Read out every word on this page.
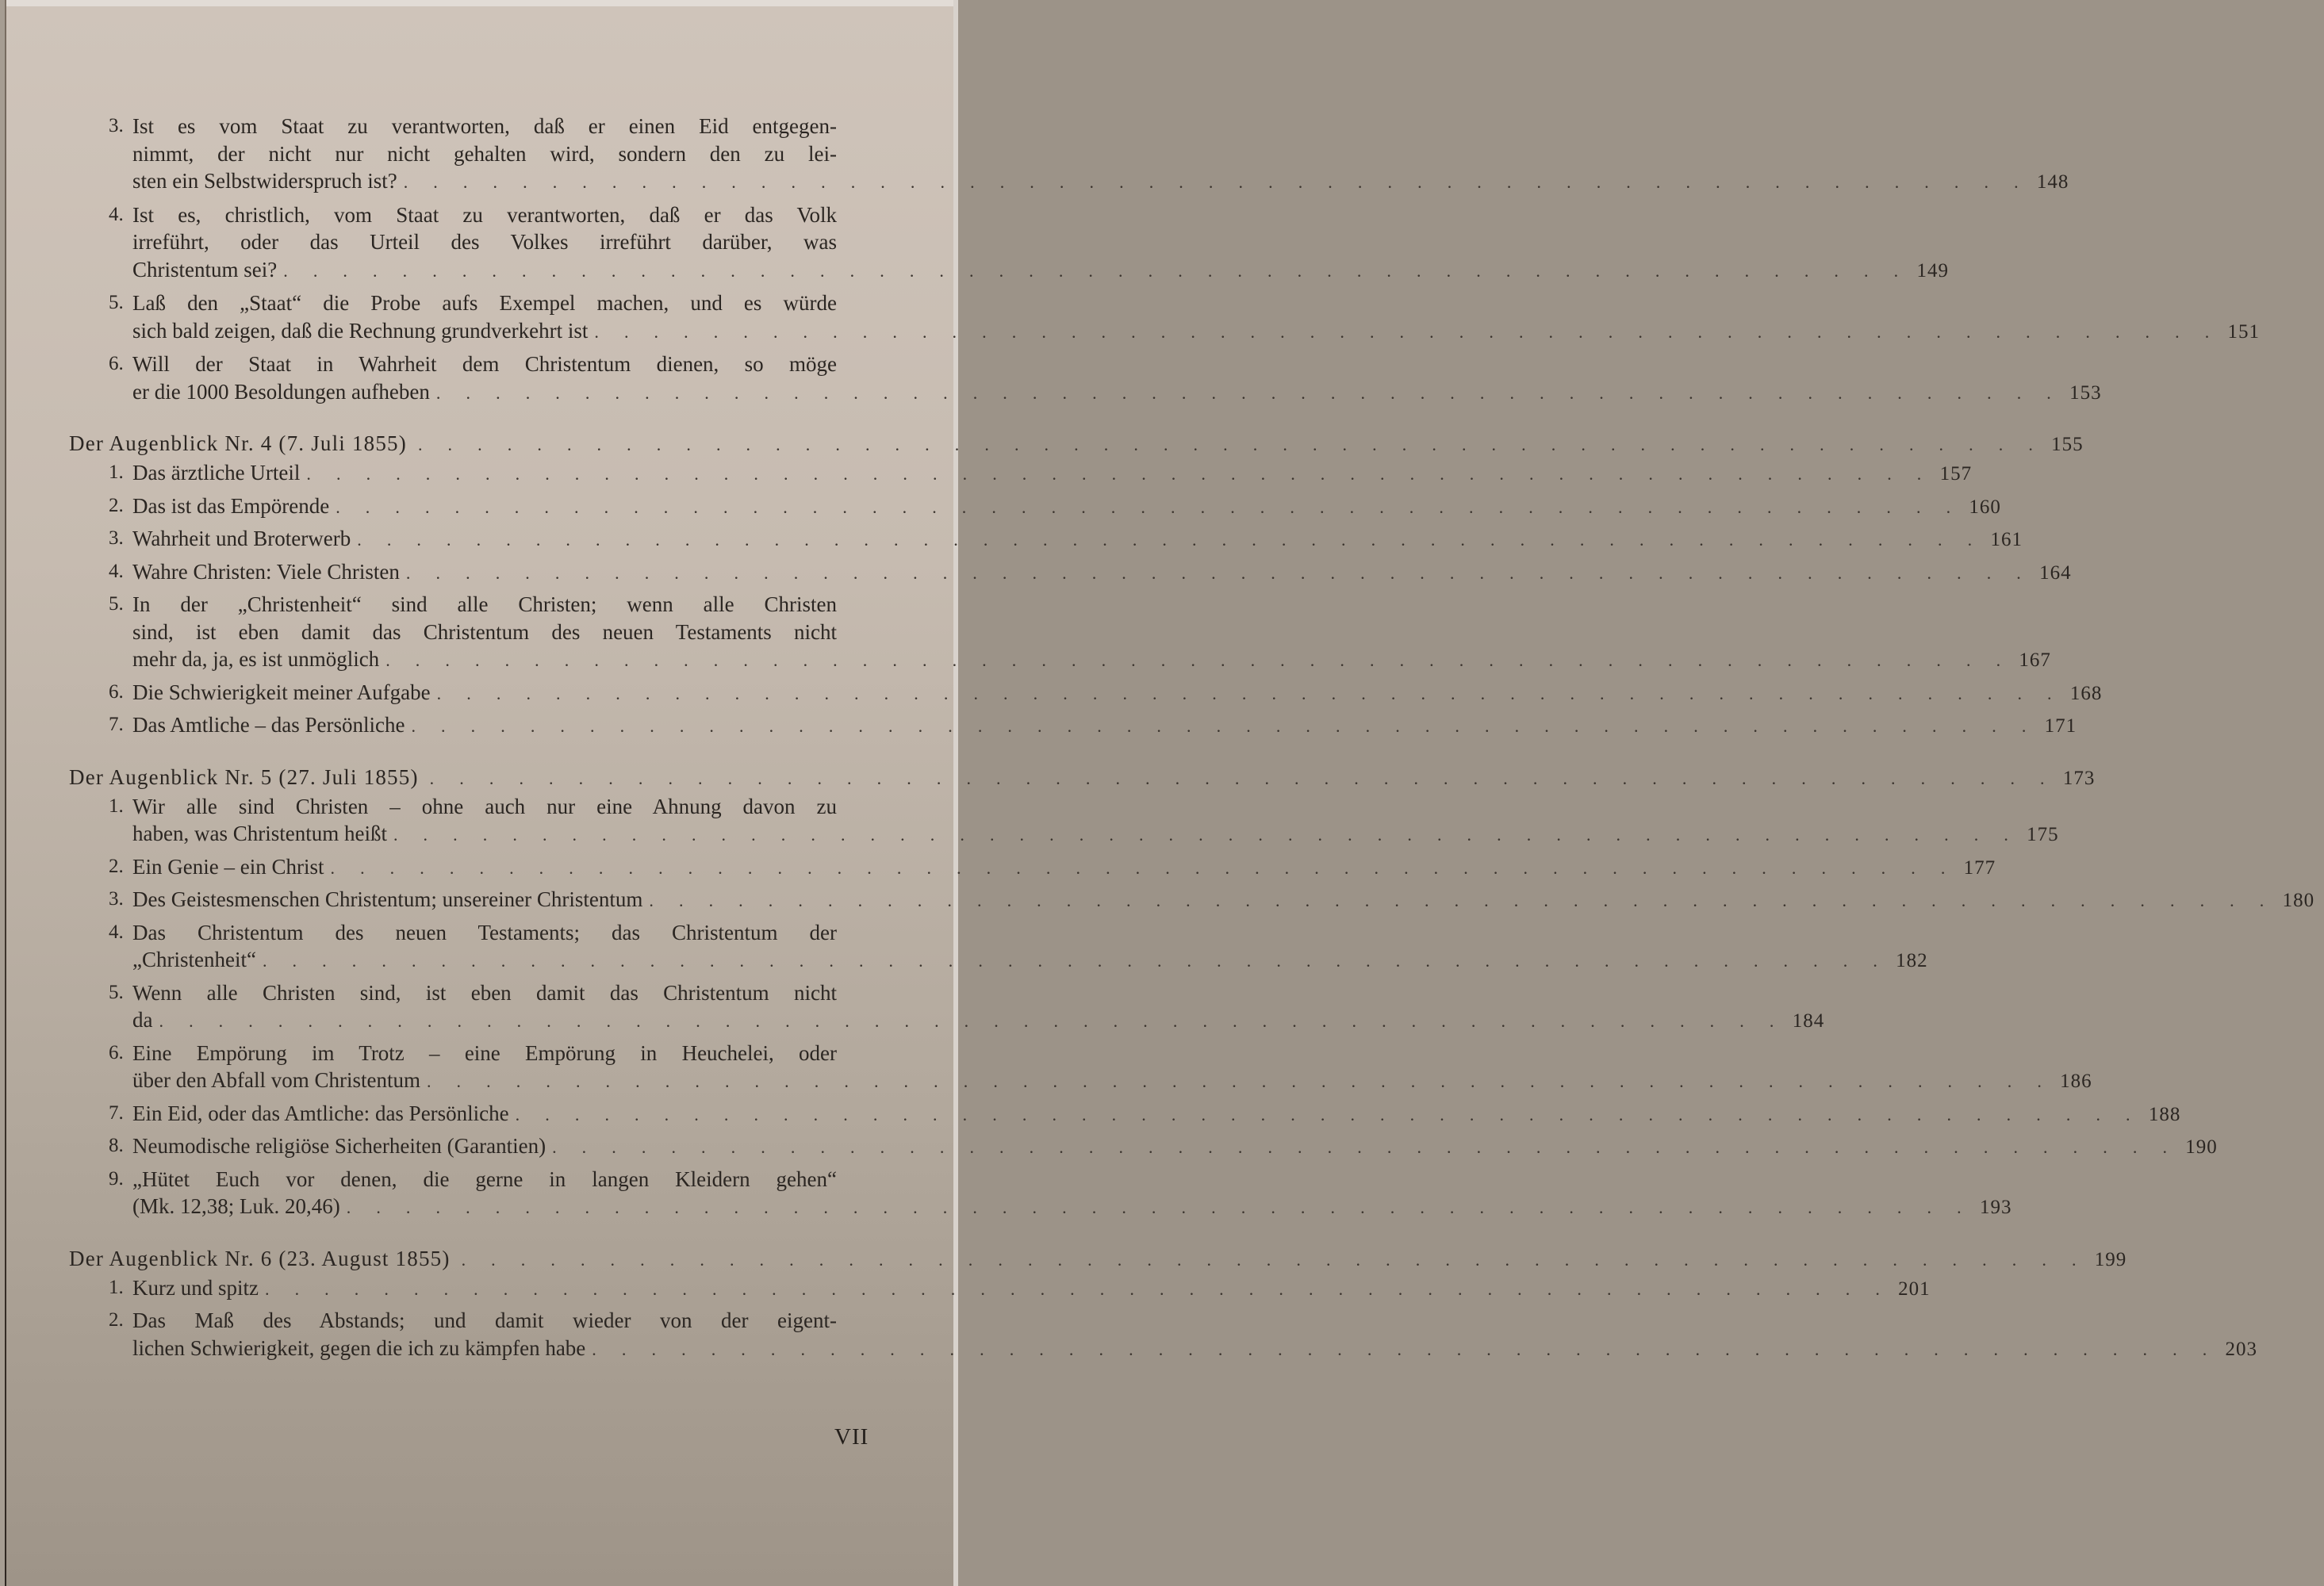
3. Ist es vom Staat zu verantworten, daß er einen Eid entgegen-
nimmt, der nicht nur nicht gehalten wird, sondern den zu lei-
sten ein Selbstwiderspruch ist? . . . . . . . . . . . . . . . . . . . . . . . . . . . . . . . . . . . . . . . . . . . . . . . . . . . . . . . 148
4. Ist es, christlich, vom Staat zu verantworten, daß er das Volk
irreführt, oder das Urteil des Volkes irreführt darüber, was
Christentum sei? . . . . . . . . . . . . . . . . . . . . . . . . . . . . . . . . . . . . . . . . . . . . . . . . . . . . . . . 149
5. Laß den „Staat“ die Probe aufs Exempel machen, und es würde
sich bald zeigen, daß die Rechnung grundverkehrt ist . . . . . . . . . . . . . . . . . . . . . . . . . . . . . . . . . . . . . . . . . . . . . . . . . . . . . . . 151
6. Will der Staat in Wahrheit dem Christentum dienen, so möge
er die 1000 Besoldungen aufheben . . . . . . . . . . . . . . . . . . . . . . . . . . . . . . . . . . . . . . . . . . . . . . . . . . . . . . . 153
Der Augenblick Nr. 4 (7. Juli 1855) . . . . . . . . . . . . . . . . . . . . . . . . . . . . . . . . . . . . . . . . . . . . . . . . . . . . . . . 155
1. Das ärztliche Urteil . . . . . . . . . . . . . . . . . . . . . . . . . . . . . . . . . . . . . . . . . . . . . . . . . . . . . . . 157
2. Das ist das Empörende . . . . . . . . . . . . . . . . . . . . . . . . . . . . . . . . . . . . . . . . . . . . . . . . . . . . . . . 160
3. Wahrheit und Broterwerb . . . . . . . . . . . . . . . . . . . . . . . . . . . . . . . . . . . . . . . . . . . . . . . . . . . . . . . 161
4. Wahre Christen: Viele Christen . . . . . . . . . . . . . . . . . . . . . . . . . . . . . . . . . . . . . . . . . . . . . . . . . . . . . . . 164
5. In der „Christenheit“ sind alle Christen; wenn alle Christen
sind, ist eben damit das Christentum des neuen Testaments nicht
mehr da, ja, es ist unmöglich . . . . . . . . . . . . . . . . . . . . . . . . . . . . . . . . . . . . . . . . . . . . . . . . . . . . . . . 167
6. Die Schwierigkeit meiner Aufgabe . . . . . . . . . . . . . . . . . . . . . . . . . . . . . . . . . . . . . . . . . . . . . . . . . . . . . . . 168
7. Das Amtliche – das Persönliche . . . . . . . . . . . . . . . . . . . . . . . . . . . . . . . . . . . . . . . . . . . . . . . . . . . . . . . 171
Der Augenblick Nr. 5 (27. Juli 1855) . . . . . . . . . . . . . . . . . . . . . . . . . . . . . . . . . . . . . . . . . . . . . . . . . . . . . . . 173
1. Wir alle sind Christen – ohne auch nur eine Ahnung davon zu
haben, was Christentum heißt . . . . . . . . . . . . . . . . . . . . . . . . . . . . . . . . . . . . . . . . . . . . . . . . . . . . . . . 175
2. Ein Genie – ein Christ . . . . . . . . . . . . . . . . . . . . . . . . . . . . . . . . . . . . . . . . . . . . . . . . . . . . . . . 177
3. Des Geistesmenschen Christentum; unsereiner Christentum . . . . . . . . . . . . . . . . . . . . . . . . . . . . . . . . . . . . . . . . . . . . . . . . . . . . . . . 180
4. Das Christentum des neuen Testaments; das Christentum der
„Christenheit“ . . . . . . . . . . . . . . . . . . . . . . . . . . . . . . . . . . . . . . . . . . . . . . . . . . . . . . . 182
5. Wenn alle Christen sind, ist eben damit das Christentum nicht
da . . . . . . . . . . . . . . . . . . . . . . . . . . . . . . . . . . . . . . . . . . . . . . . . . . . . . . . 184
6. Eine Empörung im Trotz – eine Empörung in Heuchelei, oder
über den Abfall vom Christentum . . . . . . . . . . . . . . . . . . . . . . . . . . . . . . . . . . . . . . . . . . . . . . . . . . . . . . . 186
7. Ein Eid, oder das Amtliche: das Persönliche . . . . . . . . . . . . . . . . . . . . . . . . . . . . . . . . . . . . . . . . . . . . . . . . . . . . . . . 188
8. Neumodische religiöse Sicherheiten (Garantien) . . . . . . . . . . . . . . . . . . . . . . . . . . . . . . . . . . . . . . . . . . . . . . . . . . . . . . . 190
9. „Hütet Euch vor denen, die gerne in langen Kleidern gehen“
(Mk. 12,38; Luk. 20,46) . . . . . . . . . . . . . . . . . . . . . . . . . . . . . . . . . . . . . . . . . . . . . . . . . . . . . . . 193
Der Augenblick Nr. 6 (23. August 1855) . . . . . . . . . . . . . . . . . . . . . . . . . . . . . . . . . . . . . . . . . . . . . . . . . . . . . . . 199
1. Kurz und spitz . . . . . . . . . . . . . . . . . . . . . . . . . . . . . . . . . . . . . . . . . . . . . . . . . . . . . . . 201
2. Das Maß des Abstands; und damit wieder von der eigent-
lichen Schwierigkeit, gegen die ich zu kämpfen habe . . . . . . . . . . . . . . . . . . . . . . . . . . . . . . . . . . . . . . . . . . . . . . . . . . . . . . . 203
VII
